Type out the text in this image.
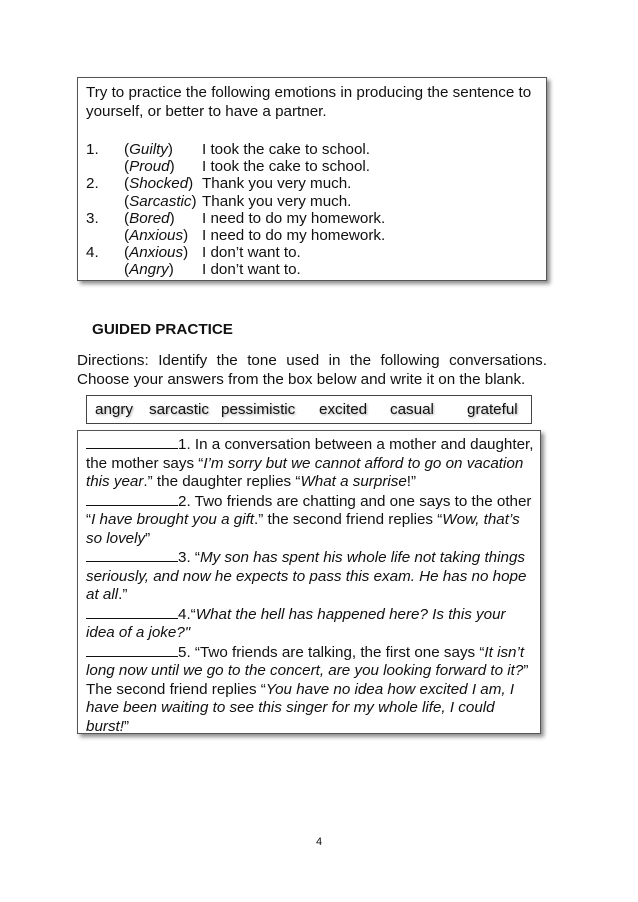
Try to practice the following emotions in producing the sentence to yourself, or better to have a partner.
1. (Guilty) I took the cake to school.
(Proud) I took the cake to school.
2. (Shocked) Thank you very much.
(Sarcastic) Thank you very much.
3. (Bored) I need to do my homework.
(Anxious) I need to do my homework.
4. (Anxious) I don’t want to.
(Angry) I don’t want to.
GUIDED PRACTICE
Directions: Identify the tone used in the following conversations. Choose your answers from the box below and write it on the blank.
angry sarcastic pessimistic excited casual grateful

1. In a conversation between a mother and daughter, the mother says “I’m sorry but we cannot afford to go on vacation this year.” the daughter replies “What a surprise!”

2. Two friends are chatting and one says to the other “I have brought you a gift.” the second friend replies “Wow, that’s so lovely”

3. “My son has spent his whole life not taking things seriously, and now he expects to pass this exam. He has no hope at all.”

4.“What the hell has happened here? Is this your idea of a joke?"

5. “Two friends are talking, the first one says “It isn’t long now until we go to the concert, are you looking forward to it?” The second friend replies “You have no idea how excited I am, I have been waiting to see this singer for my whole life, I could burst!”

4
